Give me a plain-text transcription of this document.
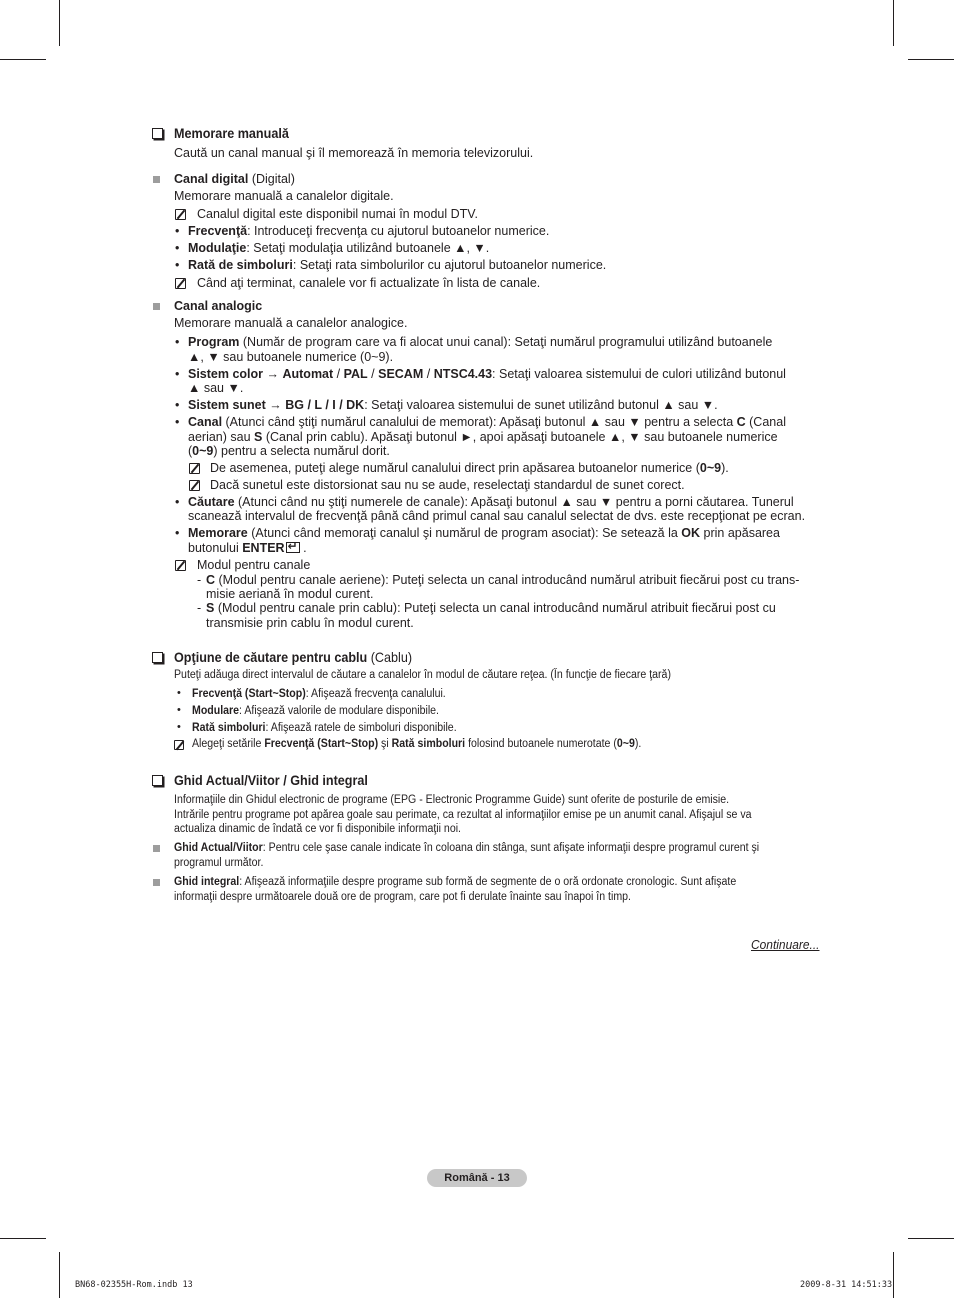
Memorare manuală
Caută un canal manual şi îl memorează în memoria televizorului.
Canal digital (Digital)
Memorare manuală a canalelor digitale.
Canalul digital este disponibil numai în modul DTV.
• Frecvenţă: Introduceţi frecvenţa cu ajutorul butoanelor numerice.
• Modulaţie: Setaţi modulaţia utilizând butoanele ▲, ▼.
• Rată de simboluri: Setaţi rata simbolurilor cu ajutorul butoanelor numerice.
Când aţi terminat, canalele vor fi actualizate în lista de canale.
Canal analogic
Memorare manuală a canalelor analogice.
• Program (Număr de program care va fi alocat unui canal): Setaţi numărul programului utilizând butoanele
▲, ▼ sau butoanele numerice (0~9).
• Sistem color → Automat / PAL / SECAM / NTSC4.43: Setaţi valoarea sistemului de culori utilizând butonul
▲ sau ▼.
• Sistem sunet → BG / L / I / DK: Setaţi valoarea sistemului de sunet utilizând butonul ▲ sau ▼.
• Canal (Atunci când ştiţi numărul canalului de memorat): Apăsaţi butonul ▲ sau ▼ pentru a selecta C (Canal
aerian) sau S (Canal prin cablu). Apăsaţi butonul ►, apoi apăsaţi butoanele ▲, ▼ sau butoanele numerice
(0~9) pentru a selecta numărul dorit.
De asemenea, puteţi alege numărul canalului direct prin apăsarea butoanelor numerice (0~9).
Dacă sunetul este distorsionat sau nu se aude, reselectaţi standardul de sunet corect.
• Căutare (Atunci când nu ştiţi numerele de canale): Apăsaţi butonul ▲ sau ▼ pentru a porni căutarea. Tunerul
scanează intervalul de frecvenţă până când primul canal sau canalul selectat de dvs. este recepţionat pe ecran.
• Memorare (Atunci când memoraţi canalul şi numărul de program asociat): Se setează la OK prin apăsarea
butonului ENTER↵ .
Modul pentru canale
- C (Modul pentru canale aeriene): Puteţi selecta un canal introducând numărul atribuit fiecărui post cu trans-
misie aeriană în modul curent.
- S (Modul pentru canale prin cablu): Puteţi selecta un canal introducând numărul atribuit fiecărui post cu
transmisie prin cablu în modul curent.
Opţiune de căutare pentru cablu (Cablu)
Puteţi adăuga direct intervalul de căutare a canalelor în modul de căutare reţea. (În funcţie de fiecare ţară)
• Frecvenţă (Start~Stop): Afişează frecvenţa canalului.
• Modulare: Afişează valorile de modulare disponibile.
• Rată simboluri: Afişează ratele de simboluri disponibile.
Alegeţi setările Frecvenţă (Start~Stop) şi Rată simboluri folosind butoanele numerotate (0~9).
Ghid Actual/Viitor / Ghid integral
Informaţiile din Ghidul electronic de programe (EPG - Electronic Programme Guide) sunt oferite de posturile de emisie.
Intrările pentru programe pot apărea goale sau perimate, ca rezultat al informaţiilor emise pe un anumit canal. Afişajul se va
actualiza dinamic de îndată ce vor fi disponibile informaţii noi.
Ghid Actual/Viitor: Pentru cele şase canale indicate în coloana din stânga, sunt afişate informaţii despre programul curent şi
programul următor.
Ghid integral: Afişează informaţiile despre programe sub formă de segmente de o oră ordonate cronologic. Sunt afişate
informaţii despre următoarele două ore de program, care pot fi derulate înainte sau înapoi în timp.
Continuare...
Română - 13
BN68-02355H-Rom.indb 13	2009-8-31 14:51:33
